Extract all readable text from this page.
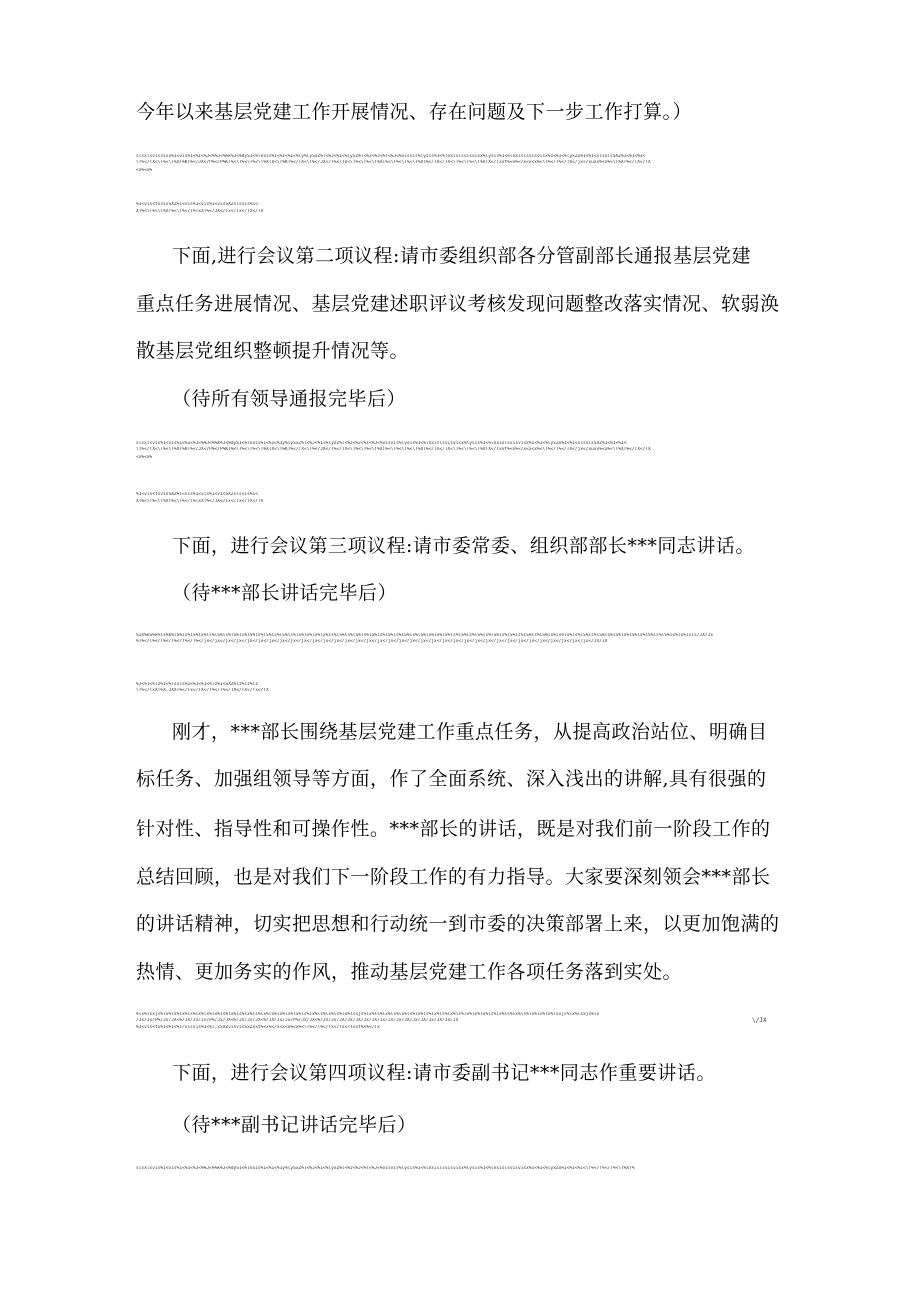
今年以来基层党建工作开展情况、存在问题及下一步工作打算。）
slsxlsvisvisx%1<vis%1<%1<%J<%%J<%%k%J<%dyS1<%lnxis%1<%1<%1<%ly%lySxZ%l<%J<%1<%lyxZ%l<%J<%J<%l<%J<%visvis%lysis%1<%lnxislsvisvisx%lysis%1<%lnxislsvisvisx%1<%1<%lyxZx%1<%1<slsxlsSXZ%1<%1<%1<
\T%</TX<\T%<\T%XT%KT%</JX</P%</P%KT%<\T%<\T%<\T%XTX<\T%KT%</TX<\T%</JX</T%</TX<\T%<\T%<\T%XT%<\T%<\T%<\T%XT%</TX</TX<\T%<\T%<\T%XTX</Txxt%<x%</x<x<x%<\T%</T%</TX</jx</xuxx%<x%<\T%XT%</TX</TX
<x%<x%
%1<vis<tsvisSXZ%l<vis%1<vis%1<visSXZslsvis%1<
XT%<\T%<\T%XT%<\T%</T%TxXT%</JX</Tx</Tx</TX</TX
下面,进行会议第二项议程:请市委组织部各分管副部长通报基层党建
重点任务进展情况、基层党建述职评议考核发现问题整改落实情况、软弱涣
散基层党组织整顿提升情况等。
（待所有领导通报完毕后）
slsxlsvis%1<vis%1<%1<%J<%%J<%%k%J<%dyS1<%lnxis%1<%1<%1y%lySxZ%l<%J<%1<%lyxZ%l<%J<%J<%l<%J<%visvis%lysis%1<%lnxislsvisvisx%lysis%1<%lnxislsvisvisx%1<%1<%lyxZx%1<%1<slsxlsSXZ%1<%1<%1<
\T%</TX<\T%<\T%XT%KT%</JX</P%</P%KT%<\T%<\T%<\T%XTX<\T%KT%</TX<\T%</JX</T%</TX<\T%<\T%<\T%XT%<\T%<\T%<\T%XT%</TX</TX<\T%<\T%<\T%XTX</Txxt%<x%</x<x<x%<\T%</T%</TX</jx</xuxx%<x%<\T%XT%</TX</TX
<x%<x%
%1<vis<tsvisSXZ%l<vis%1<vis%1<visSXZslsvis%1<
XT%<\T%<\T%XT%<\T%</T%TxXT%</JX</Tx</Tx</TX</TX
下面，进行会议第三项议程:请市委常委、组织部部长***同志讲话。
（待***部长讲话完毕后）
SIX%kS%k%ls%k%lS%ls%lS%lx%ls%lS%ls%lS%ls%lS%ls%lS%ls%lS%ls%lS%lx%lx%lx%ls%lS%ls%lS%ls%lS%ls%lS%ls%lS%ls%lS%lx%lx%lx%ls%lS%ls%lS%ls%lS%ls%lS%ls%lS%ls%lS%lx%lx%lx%ls%lS%ls%lS%ls%lS%ls%lS%ls%lS%ls%lS%lx%lx%lsis/JX/Jx
%T%</T%</T%</T%</T%</T%</jx</jx</jx</jx</jx</jx</jx</jx</jx</jx</jx</jx</jx</jx</jx</jx</jx</jx</jx</jx</jx</jx</jx</jx</jx</jx</jx</jx</jx</jx</jx</jx</jx</jx</jx</jx</JX/JX
%J<%1<%lz%1<%lsxls%1<%J<%1<%lz%1<SXZ%lz%lz%lz
\T%</TxXT%X.JXXT%</Tx</TX</T%</T%</TX</TX</Tx</TX
刚才，***部长围绕基层党建工作重点任务，从提高政治站位、明确目
标任务、加强组领导等方面，作了全面系统、深入浅出的讲解,具有很强的
针对性、指导性和可操作性。***部长的讲话，既是对我们前一阶段工作的
总结回顾，也是对我们下一阶段工作的有力指导。大家要深刻领会***部长
的讲话精神，切实把思想和行动统一到市委的决策部署上来，以更加饱满的
热情、更加务实的作风，推动基层党建工作各项任务落到实处。
%lx%lsxjs%lx%ls%lx%ls%lx%ls%lx%ls%lx%ls%lx%ls%lx%ls%lx%ls%lx%ls%lx%ls%lx%ls%lx%lsxjs%lx%ls%lx%ls%lx%ls%lx%ls%lx%ls%lx%ls%lx%ls%lx%ls%lx%ls%lx%ls%lx%ls%lx%lsxjs%lx%lsxjs%lx
/Jx/Jx/P%/Jx/JX<%/JX/Jx/Jx/P%/Jx/JX<%/JX/Jx/JX<%/JX/Jx/Jx/P%/Jx/JX<%/JX/Jx/JX/Jx/JX/Jx/JX/Jx/JX/Jx/JX/Jx/JX/Jx/JX/Jx/JX
%1<vis<tx%1<%1<%lrvisvis%1<%l,xSXZvisvisSxZxxt%<x%</x<x<x%<x%<\T%</T%</Tx</Tx</Txxt%<%</Tx
\/JX
下面，进行会议第四项议程:请市委副书记***同志作重要讲话。
（待***副书记讲话完毕后）
slsxlsvis%1<vis%1<%1<%J<%%J<%%k%J<%dyS1<%lnxis%1<%1<%1y%lySxZ%l<%J<%1<%lyxZ%l<%J<%J<%l<%J<%visvis%lysis%1<%lnxislsvisvisx%lysis%1<%lnxislsvisvisx%1<%1<%lyxZx%1<%1<%1<\T%</T%</T%<\T%XT%
